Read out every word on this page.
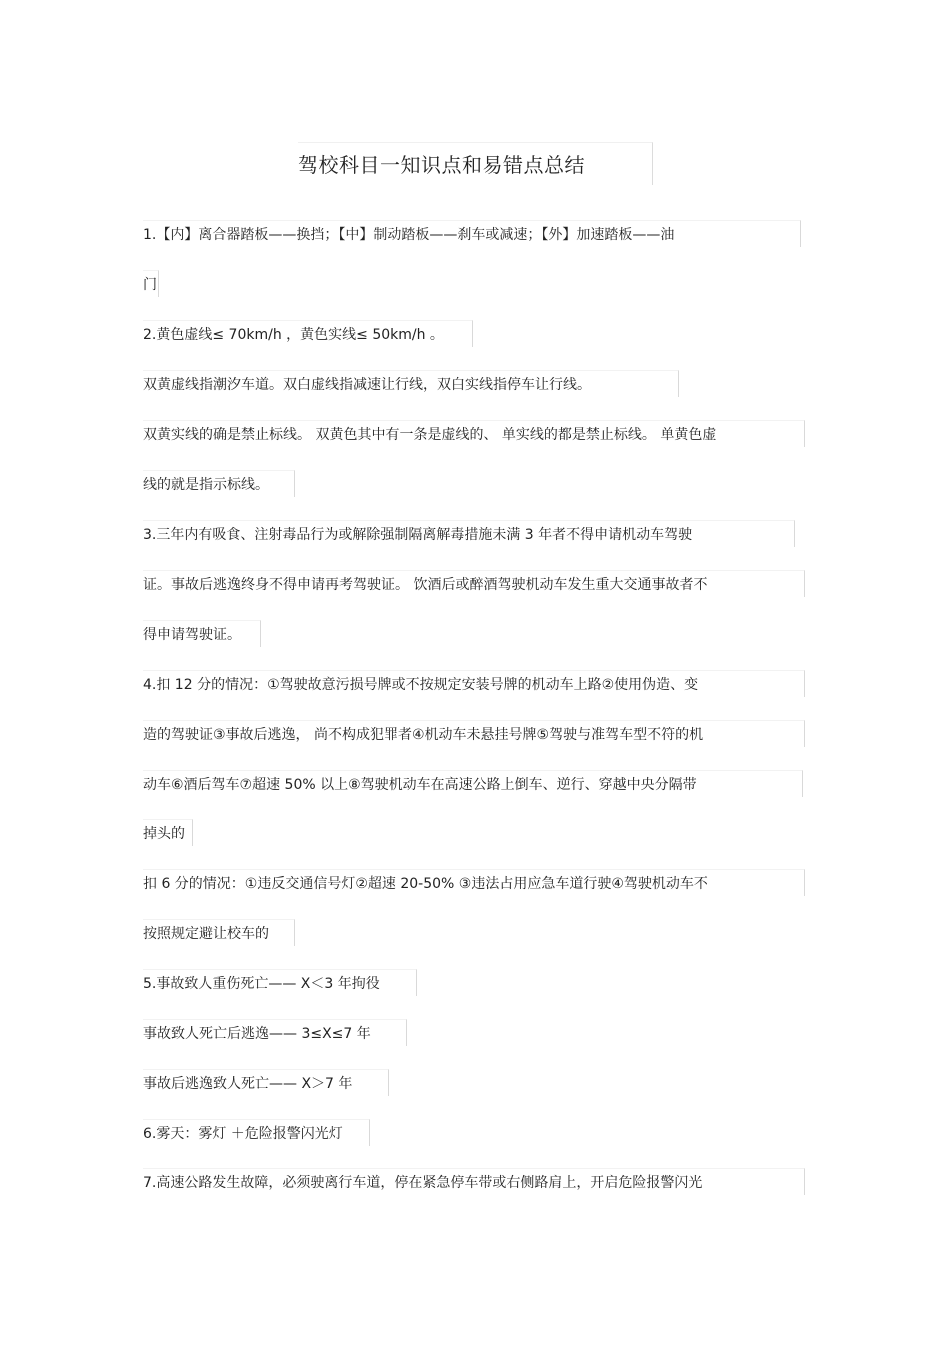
驾校科目一知识点和易错点总结
1.【内】离合器踏板——换挡；【中】制动踏板——刹车或减速；【外】加速踏板——油
门
2.黄色虚线≤ 70km/h ，黄色实线≤ 50km/h 。
双黄虚线指潮汐车道。双白虚线指减速让行线，双白实线指停车让行线。
双黄实线的确是禁止标线。 双黄色其中有一条是虚线的、 单实线的都是禁止标线。 单黄色虚
线的就是指示标线。
3.三年内有吸食、注射毒品行为或解除强制隔离解毒措施未满 3 年者不得申请机动车驾驶
证。事故后逃逸终身不得申请再考驾驶证。 饮酒后或醉酒驾驶机动车发生重大交通事故者不
得申请驾驶证。
4.扣 12 分的情况：①驾驶故意污损号牌或不按规定安装号牌的机动车上路②使用伪造、变
造的驾驶证③事故后逃逸， 尚不构成犯罪者④机动车未悬挂号牌⑤驾驶与准驾车型不符的机
动车⑥酒后驾车⑦超速 50% 以上⑧驾驶机动车在高速公路上倒车、逆行、穿越中央分隔带
掉头的
扣 6 分的情况：①违反交通信号灯②超速 20-50% ③违法占用应急车道行驶④驾驶机动车不
按照规定避让校车的
5.事故致人重伤死亡—— X＜3 年拘役
事故致人死亡后逃逸—— 3≤X≤7 年
事故后逃逸致人死亡—— X＞7 年
6.雾天：雾灯 ＋危险报警闪光灯
7.高速公路发生故障，必须驶离行车道，停在紧急停车带或右侧路肩上，开启危险报警闪光
